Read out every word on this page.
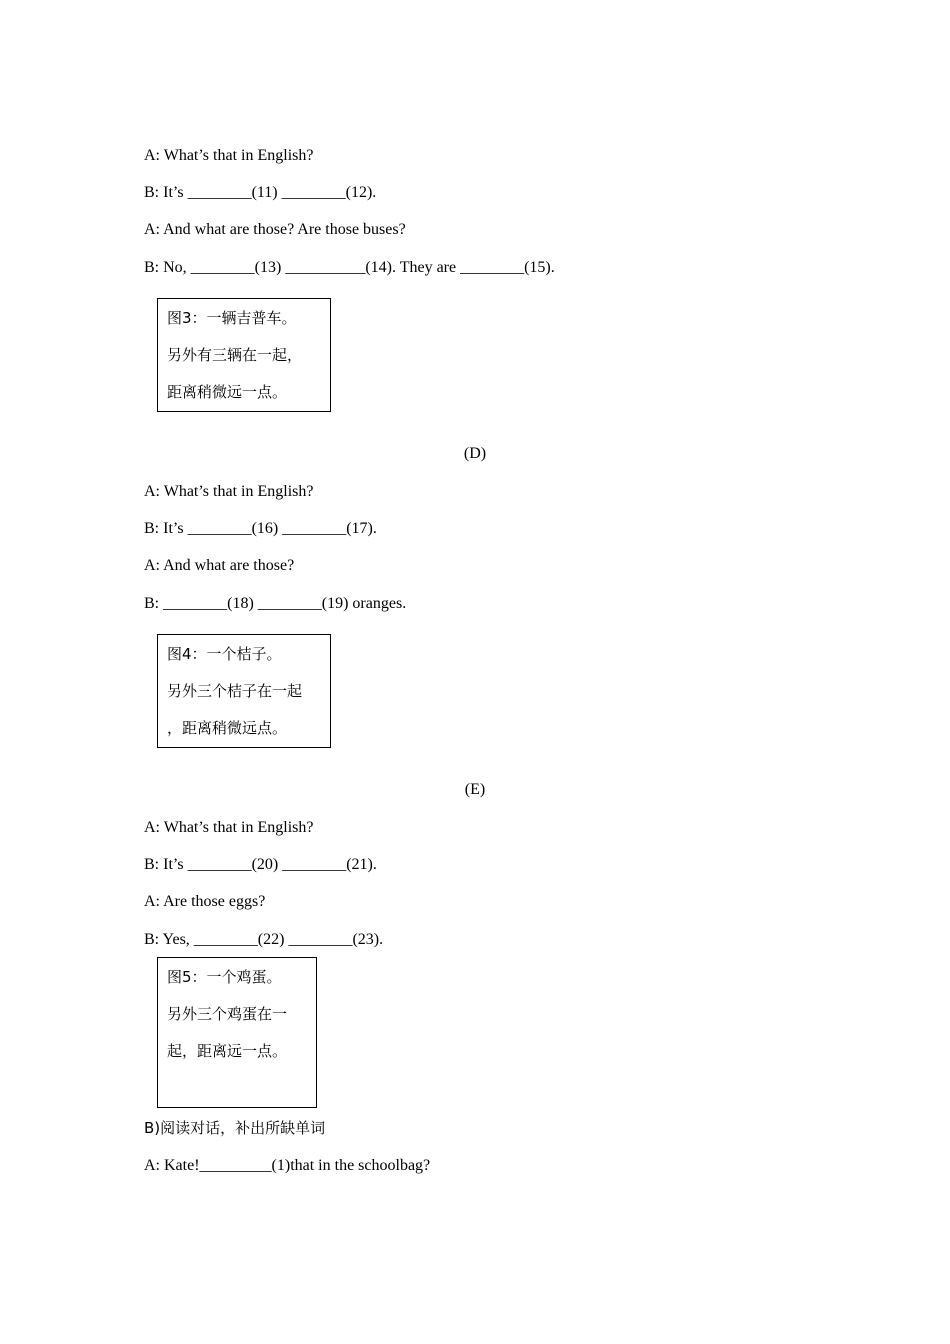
A: What’s that in English?
B: It’s ________(11) ________(12).
A: And what are those? Are those buses?
B: No, ________(13) __________(14). They are ________(15).
图3：一辆吉普车。
另外有三辆在一起，
距离稍微远一点。
(D)
A: What’s that in English?
B: It’s ________(16) ________(17).
A: And what are those?
B: ________(18) ________(19) oranges.
图4：一个桔子。
另外三个桔子在一起
，距离稍微远点。
(E)
A: What’s that in English?
B: It’s ________(20) ________(21).
A: Are those eggs?
B: Yes, ________(22) ________(23).
图5：一个鸡蛋。
另外三个鸡蛋在一
起，距离远一点。
B)阅读对话，补出所缺单词
A: Kate!_________(1)that in the schoolbag?
